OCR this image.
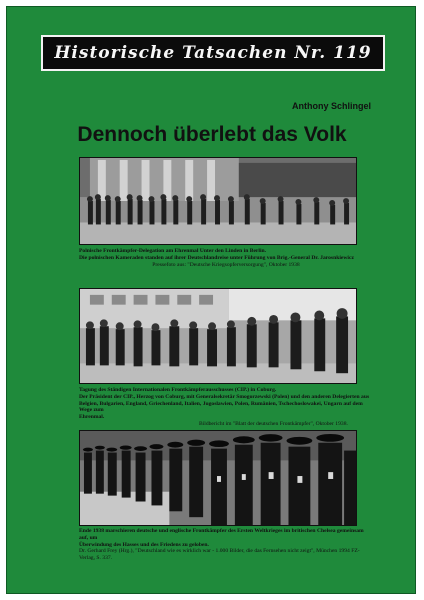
Historische Tatsachen Nr. 119
Anthony Schlingel
Dennoch überlebt das Volk
Polnische Frontkämpfer-Delegation am Ehrenmal Unter den Linden in Berlin.
Die polnischen Kameraden standen auf ihrer Deutschlandreise unter Führung von Brig.-General Dr. Jarosnkiewicz
Pressefoto aus: "Deutsche Kriegsopferversorgung", Oktober 1938
Tagung des Ständigen Internationalen Frontkämpferausschusses (CIP.) in Coburg.
Der Präsident der CIP., Herzog von Coburg, mit Generalsekretär Smogorzewski (Polen) und den anderen Delegierten aus
Belgien, Bulgarien, England, Griechenland, Italien, Jugoslawien, Polen, Rumänien, Tschechoslowakei, Ungarn auf dem Wege zum
Ehrenmal.
Bildbericht im "Blatt der deutschen Frontkämpfer", Oktober 1938.
Ende 1938 marschieren deutsche und englische Frontkämpfer des Ersten Weltkrieges im britischen Chelsea gemeinsam auf, um
Überwindung des Hasses und des Friedens zu geloben.
Dr. Gerhard Frey (Hrg.), "Deutschland wie es wirklich war - 1.000 Bilder, die das Fernsehen nicht zeigt", München 1994 FZ-Verlag, S. 337.
